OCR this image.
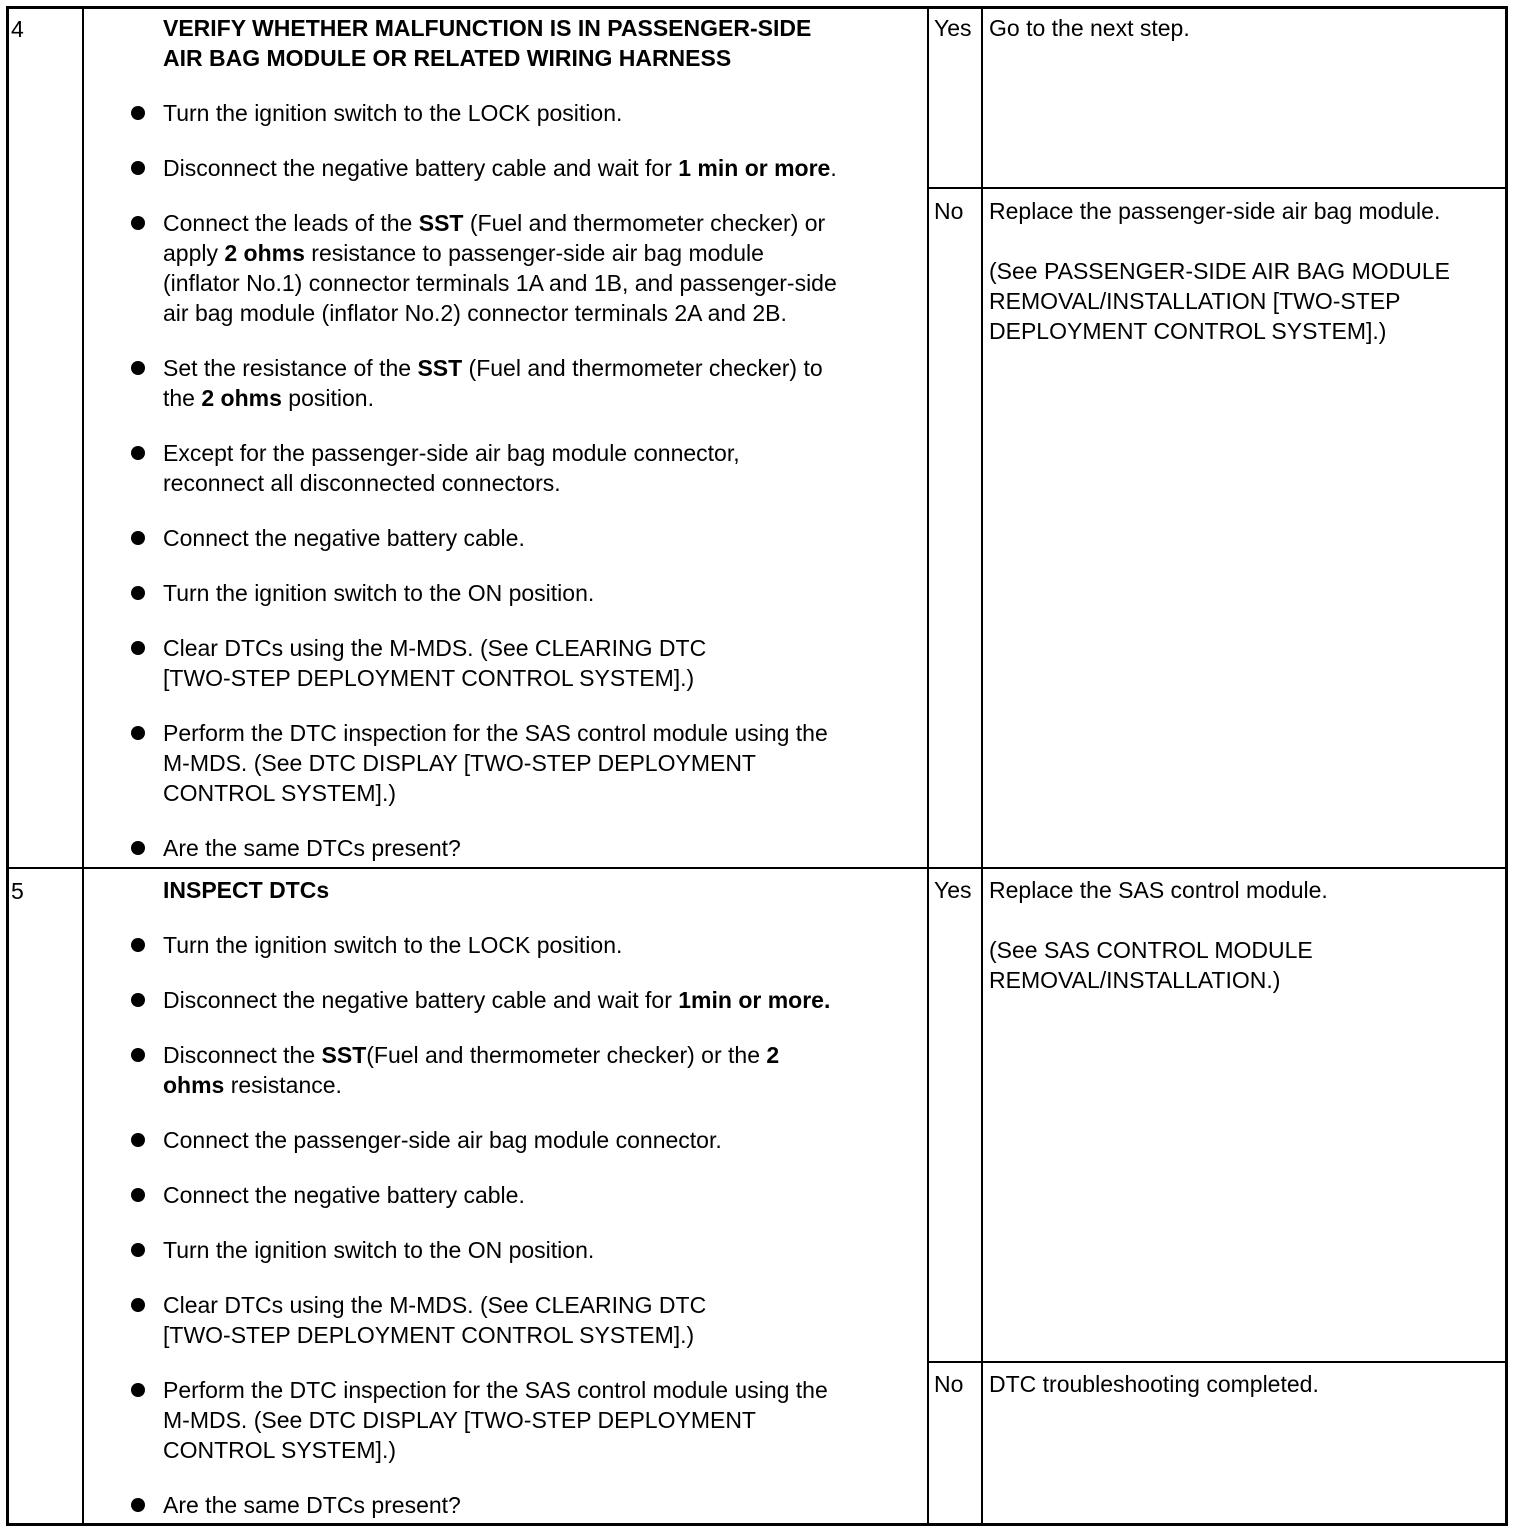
4	VERIFY WHETHER MALFUNCTION IS IN PASSENGER-SIDE
AIR BAG MODULE OR RELATED WIRING HARNESS
Turn the ignition switch to the LOCK position.
Disconnect the negative battery cable and wait for 1 min or more.
Connect the leads of the SST (Fuel and thermometer checker) or
apply 2 ohms resistance to passenger-side air bag module
(inflator No.1) connector terminals 1A and 1B, and passenger-side
air bag module (inflator No.2) connector terminals 2A and 2B.
Set the resistance of the SST (Fuel and thermometer checker) to
the 2 ohms position.
Except for the passenger-side air bag module connector,
reconnect all disconnected connectors.
Connect the negative battery cable.
Turn the ignition switch to the ON position.
Clear DTCs using the M-MDS. (See CLEARING DTC
[TWO-STEP DEPLOYMENT CONTROL SYSTEM].)
Perform the DTC inspection for the SAS control module using the
M-MDS. (See DTC DISPLAY [TWO-STEP DEPLOYMENT
CONTROL SYSTEM].)
Are the same DTCs present?
Yes Go to the next step.
No Replace the passenger-side air bag module.

(See PASSENGER-SIDE AIR BAG MODULE
REMOVAL/INSTALLATION [TWO-STEP
DEPLOYMENT CONTROL SYSTEM].)
5	INSPECT DTCs
Turn the ignition switch to the LOCK position.
Disconnect the negative battery cable and wait for 1min or more.
Disconnect the SST(Fuel and thermometer checker) or the 2
ohms resistance.
Connect the passenger-side air bag module connector.
Connect the negative battery cable.
Turn the ignition switch to the ON position.
Clear DTCs using the M-MDS. (See CLEARING DTC
[TWO-STEP DEPLOYMENT CONTROL SYSTEM].)
Perform the DTC inspection for the SAS control module using the
M-MDS. (See DTC DISPLAY [TWO-STEP DEPLOYMENT
CONTROL SYSTEM].)
Are the same DTCs present?
Yes Replace the SAS control module.

(See SAS CONTROL MODULE
REMOVAL/INSTALLATION.)
No DTC troubleshooting completed.
